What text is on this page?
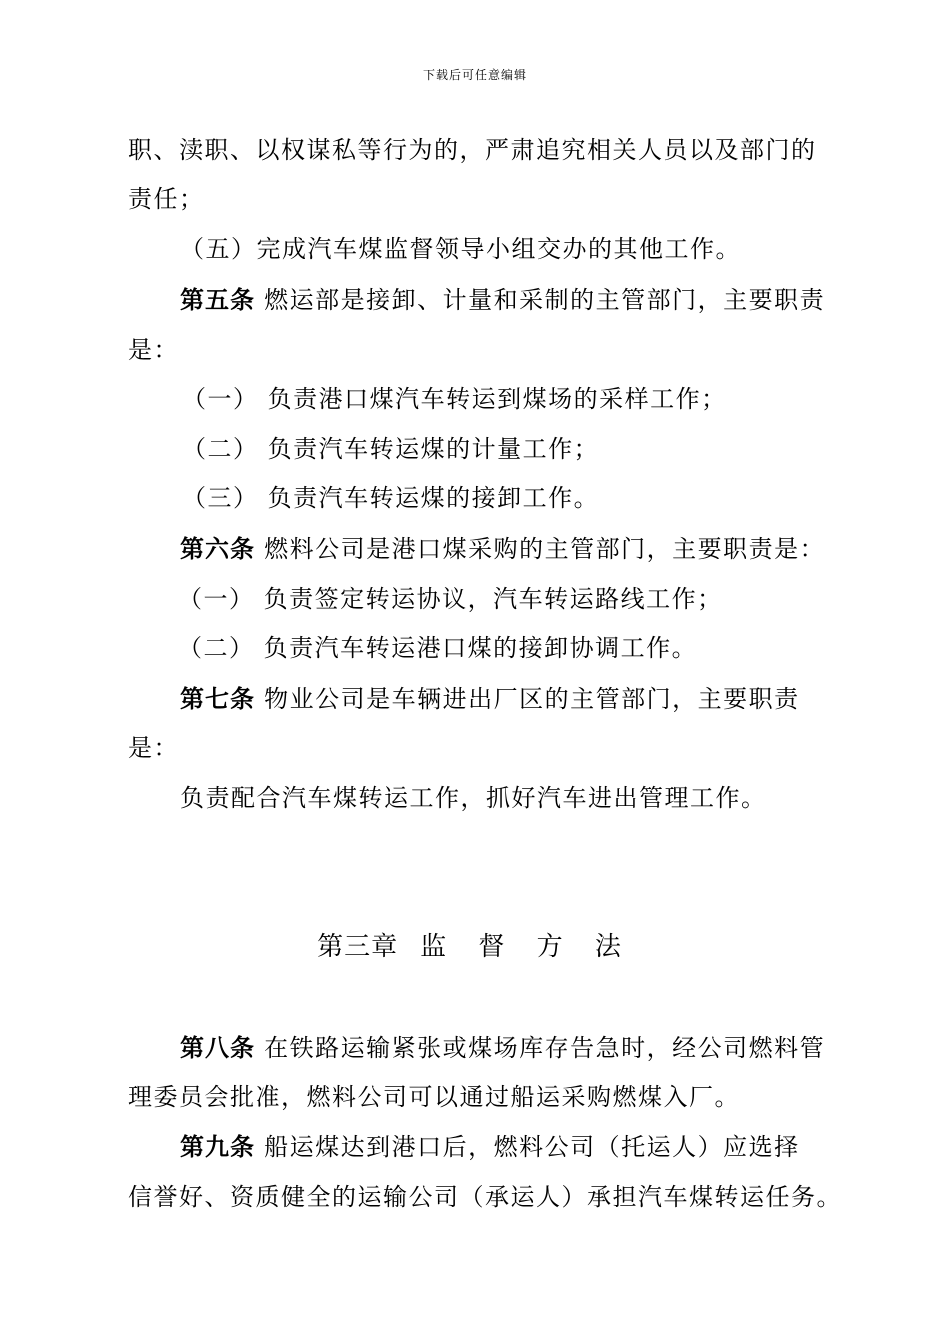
下载后可任意编辑
职、渎职、以权谋私等行为的，严肃追究相关人员以及部门的
责任；
（五）完成汽车煤监督领导小组交办的其他工作。
第五条 燃运部是接卸、计量和采制的主管部门，主要职责
是：
（一） 负责港口煤汽车转运到煤场的采样工作；
（二） 负责汽车转运煤的计量工作；
（三） 负责汽车转运煤的接卸工作。
第六条 燃料公司是港口煤采购的主管部门，主要职责是：
（一） 负责签定转运协议，汽车转运路线工作；
（二） 负责汽车转运港口煤的接卸协调工作。
第七条 物业公司是车辆进出厂区的主管部门，主要职责
是：
负责配合汽车煤转运工作，抓好汽车进出管理工作。
第三章 监 督 方 法
第八条 在铁路运输紧张或煤场库存告急时，经公司燃料管
理委员会批准，燃料公司可以通过船运采购燃煤入厂。
第九条 船运煤达到港口后，燃料公司（托运人）应选择
信誉好、资质健全的运输公司（承运人）承担汽车煤转运任务。
